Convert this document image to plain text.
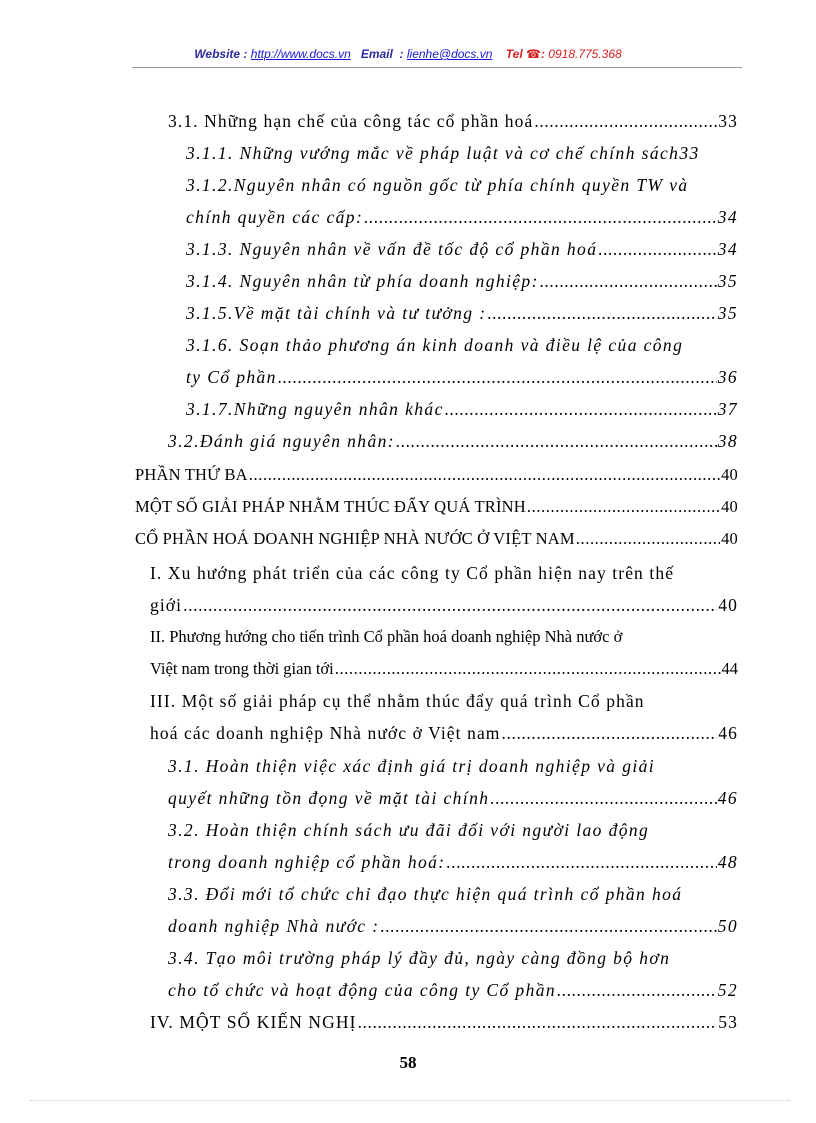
Website : http://www.docs.vn Email : lienhe@docs.vn Tel ☎: 0918.775.368
3.1. Những hạn chế của công tác cổ phần hoá .....	33
3.1.1. Những vướng mắc về pháp luật và cơ chế chính sách 33
3.1.2.Nguyên nhân có nguồn gốc từ phía chính quyền TW và
chính quyền các cấp: .....	34
3.1.3. Nguyên nhân về vấn đề tốc độ cổ phần hoá .....	34
3.1.4. Nguyên nhân từ phía doanh nghiệp: .....	35
3.1.5.Về mặt tài chính và tư tưởng : .....	35
3.1.6. Soạn thảo phương án kinh doanh và điều lệ của công
ty Cổ phần .....	36
3.1.7.Những nguyên nhân khác .....	37
3.2.Đánh giá nguyên nhân: .....	38
PHẦN THỨ BA .....	40
MỘT SỐ GIẢI PHÁP NHẰM THÚC ĐẨY QUÁ TRÌNH .....	40
CỔ PHẦN HOÁ DOANH NGHIỆP NHÀ NƯỚC Ở VIỆT NAM .....	40
I. Xu hướng phát triển của các công ty Cổ phần hiện nay trên thế
giới .....	40
II. Phương hướng cho tiến trình Cổ phần hoá doanh nghiệp Nhà nước ở
Việt nam trong thời gian tới .....	44
III. Một số giải pháp cụ thể nhằm thúc đẩy quá trình Cổ phần
hoá các doanh nghiệp Nhà nước ở Việt nam .....	46
3.1. Hoàn thiện việc xác định giá trị doanh nghiệp và giải
quyết những tồn đọng về mặt tài chính .....	46
3.2. Hoàn thiện chính sách ưu đãi đối với người lao động
trong doanh nghiệp cổ phần hoá: .....	48
3.3. Đổi mới tổ chức chỉ đạo thực hiện quá trình cổ phần hoá
doanh nghiệp Nhà nước : .....	50
3.4. Tạo môi trường pháp lý đầy đủ, ngày càng đồng bộ hơn
cho tổ chức và hoạt động của công ty Cổ phần .....	52
IV. MỘT SỐ KIẾN NGHỊ .....	53
58
